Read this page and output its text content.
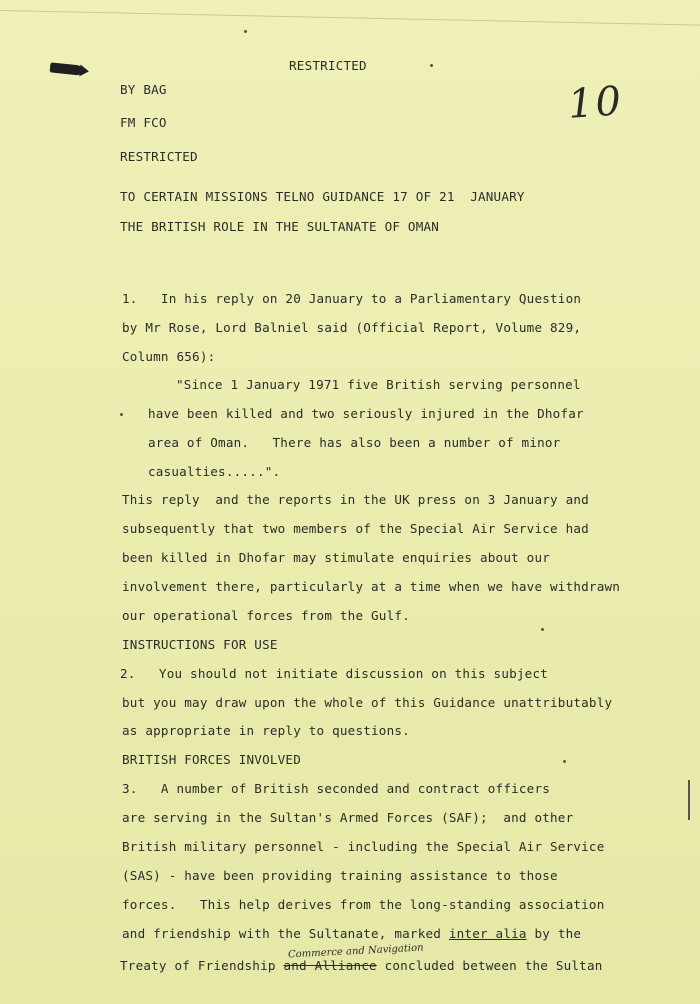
10
RESTRICTED
BY BAG
FM FCO
RESTRICTED
TO CERTAIN MISSIONS TELNO GUIDANCE 17 OF 21  JANUARY
THE BRITISH ROLE IN THE SULTANATE OF OMAN
1.   In his reply on 20 January to a Parliamentary Question
by Mr Rose, Lord Balniel said (Official Report, Volume 829,
Column 656):
"Since 1 January 1971 five British serving personnel
have been killed and two seriously injured in the Dhofar
area of Oman.   There has also been a number of minor
casualties.....".
This reply  and the reports in the UK press on 3 January and
subsequently that two members of the Special Air Service had
been killed in Dhofar may stimulate enquiries about our
involvement there, particularly at a time when we have withdrawn
our operational forces from the Gulf.
INSTRUCTIONS FOR USE
2.   You should not initiate discussion on this subject
but you may draw upon the whole of this Guidance unattributably
as appropriate in reply to questions.
BRITISH FORCES INVOLVED
3.   A number of British seconded and contract officers
are serving in the Sultan's Armed Forces (SAF);  and other
British military personnel - including the Special Air Service
(SAS) - have been providing training assistance to those
forces.   This help derives from the long-standing association
and friendship with the Sultanate, marked inter alia by the
Commerce and Navigation
Treaty of Friendship and Alliance concluded between the Sultan
